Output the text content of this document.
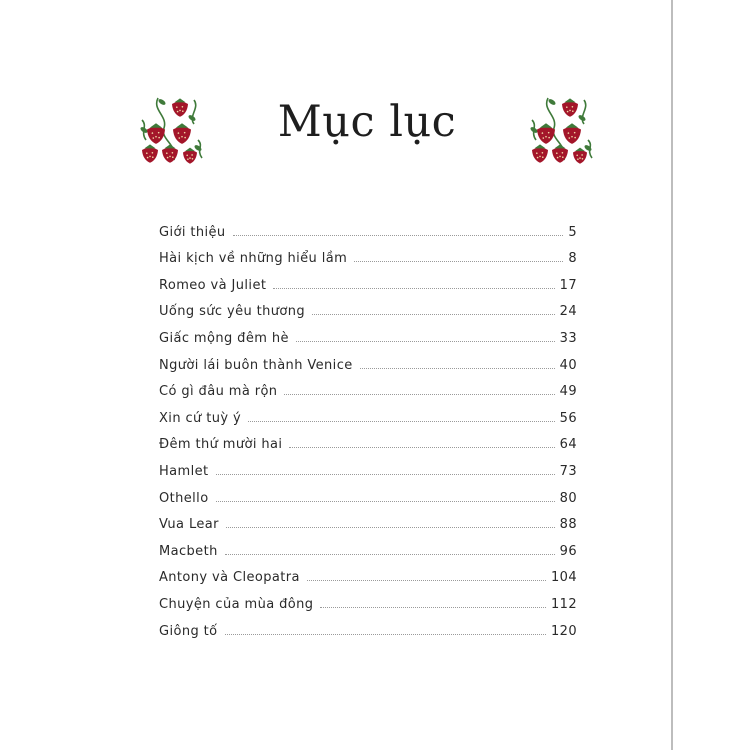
Mục lục
Giới thiệu	5
Hài kịch về những hiểu lầm	8
Romeo và Juliet	17
Uống sức yêu thương	24
Giấc mộng đêm hè	33
Người lái buôn thành Venice	40
Có gì đâu mà rộn	49
Xin cứ tuỳ ý	56
Đêm thứ mười hai	64
Hamlet	73
Othello	80
Vua Lear	88
Macbeth	96
Antony và Cleopatra	104
Chuyện của mùa đông	112
Giông tố	120
